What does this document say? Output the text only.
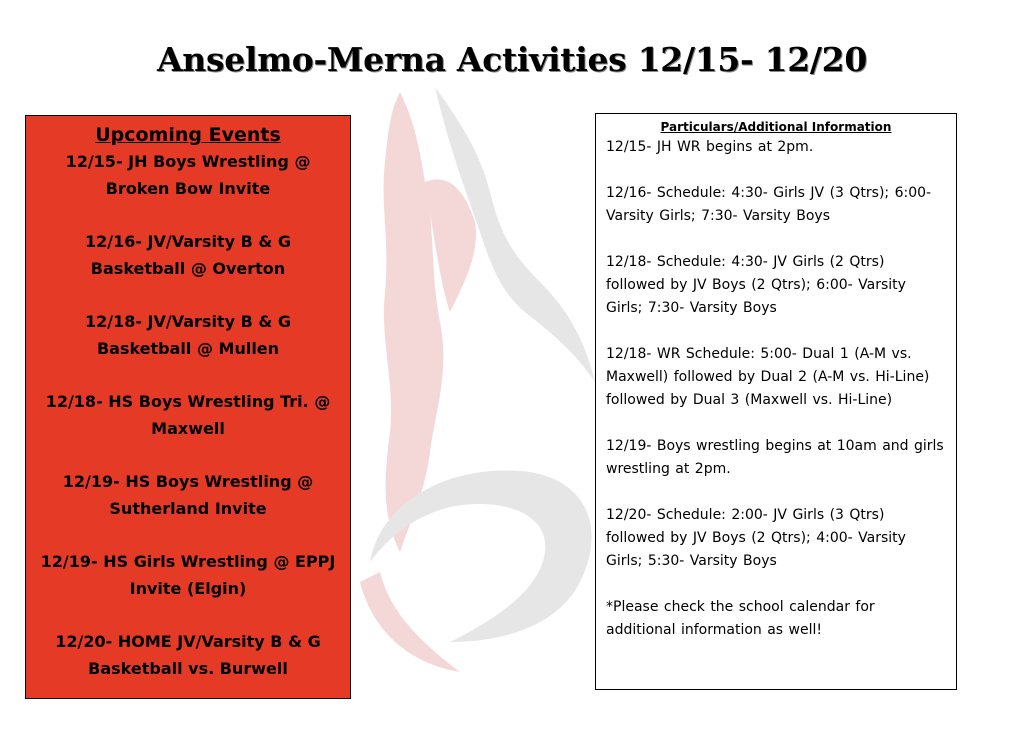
Anselmo-Merna Activities 12/15- 12/20
Upcoming Events
12/15- JH Boys Wrestling @
Broken Bow Invite
12/16- JV/Varsity B & G
Basketball @ Overton
12/18- JV/Varsity B & G
Basketball @ Mullen
12/18- HS Boys Wrestling Tri. @
Maxwell
12/19- HS Boys Wrestling @
Sutherland Invite
12/19- HS Girls Wrestling @ EPPJ
Invite (Elgin)
12/20- HOME JV/Varsity B & G
Basketball vs. Burwell
Particulars/Additional Information
12/15- JH WR begins at 2pm.
12/16- Schedule: 4:30- Girls JV (3 Qtrs); 6:00- Varsity Girls; 7:30- Varsity Boys
12/18- Schedule: 4:30- JV Girls (2 Qtrs) followed by JV Boys (2 Qtrs); 6:00- Varsity Girls; 7:30- Varsity Boys
12/18- WR Schedule: 5:00- Dual 1 (A-M vs. Maxwell) followed by Dual 2 (A-M vs. Hi-Line) followed by Dual 3 (Maxwell vs. Hi-Line)
12/19- Boys wrestling begins at 10am and girls wrestling at 2pm.
12/20- Schedule: 2:00- JV Girls (3 Qtrs) followed by JV Boys (2 Qtrs); 4:00- Varsity Girls; 5:30- Varsity Boys
*Please check the school calendar for additional information as well!
